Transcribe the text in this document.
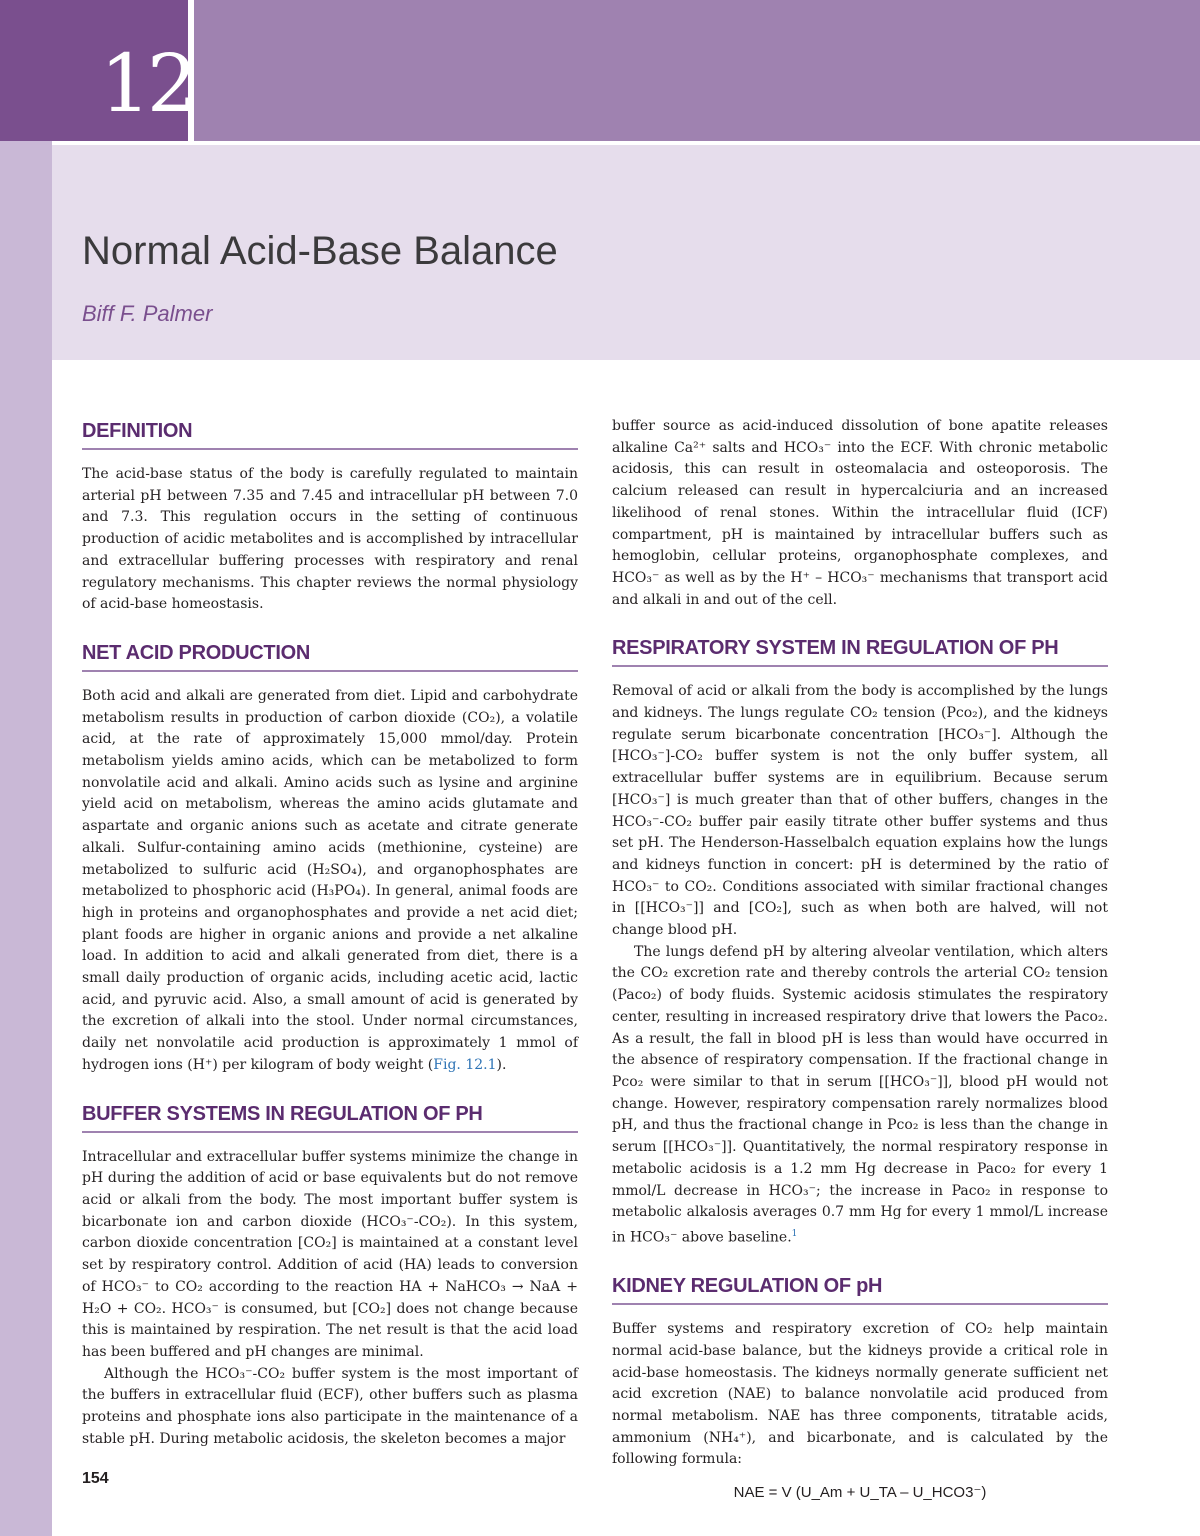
12
Normal Acid-Base Balance
Biff F. Palmer
DEFINITION

The acid-base status of the body is carefully regulated to maintain arterial pH between 7.35 and 7.45 and intracellular pH between 7.0 and 7.3. This regulation occurs in the setting of continuous production of acidic metabolites and is accomplished by intracellular and extracellular buffering processes with respiratory and renal regulatory mechanisms. This chapter reviews the normal physiology of acid-base homeostasis.

NET ACID PRODUCTION

Both acid and alkali are generated from diet. Lipid and carbohydrate metabolism results in production of carbon dioxide (CO₂), a volatile acid, at the rate of approximately 15,000 mmol/day. Protein metabolism yields amino acids, which can be metabolized to form nonvolatile acid and alkali. Amino acids such as lysine and arginine yield acid on metabolism, whereas the amino acids glutamate and aspartate and organic anions such as acetate and citrate generate alkali. Sulfur-containing amino acids (methionine, cysteine) are metabolized to sulfuric acid (H₂SO₄), and organophosphates are metabolized to phosphoric acid (H₃PO₄). In general, animal foods are high in proteins and organophosphates and provide a net acid diet; plant foods are higher in organic anions and provide a net alkaline load. In addition to acid and alkali generated from diet, there is a small daily production of organic acids, including acetic acid, lactic acid, and pyruvic acid. Also, a small amount of acid is generated by the excretion of alkali into the stool. Under normal circumstances, daily net nonvolatile acid production is approximately 1 mmol of hydrogen ions (H⁺) per kilogram of body weight (Fig. 12.1).

BUFFER SYSTEMS IN REGULATION OF PH

Intracellular and extracellular buffer systems minimize the change in pH during the addition of acid or base equivalents but do not remove acid or alkali from the body. The most important buffer system is bicarbonate ion and carbon dioxide (HCO₃⁻-CO₂). In this system, carbon dioxide concentration [CO₂] is maintained at a constant level set by respiratory control. Addition of acid (HA) leads to conversion of HCO₃⁻ to CO₂ according to the reaction HA + NaHCO₃ → NaA + H₂O + CO₂. HCO₃⁻ is consumed, but [CO₂] does not change because this is maintained by respiration. The net result is that the acid load has been buffered and pH changes are minimal.

Although the HCO₃⁻-CO₂ buffer system is the most important of the buffers in extracellular fluid (ECF), other buffers such as plasma proteins and phosphate ions also participate in the maintenance of a stable pH. During metabolic acidosis, the skeleton becomes a major

buffer source as acid-induced dissolution of bone apatite releases alkaline Ca²⁺ salts and HCO₃⁻ into the ECF. With chronic metabolic acidosis, this can result in osteomalacia and osteoporosis. The calcium released can result in hypercalciuria and an increased likelihood of renal stones. Within the intracellular fluid (ICF) compartment, pH is maintained by intracellular buffers such as hemoglobin, cellular proteins, organophosphate complexes, and HCO₃⁻ as well as by the H⁺ – HCO₃⁻ mechanisms that transport acid and alkali in and out of the cell.

RESPIRATORY SYSTEM IN REGULATION OF PH

Removal of acid or alkali from the body is accomplished by the lungs and kidneys. The lungs regulate CO₂ tension (Pco₂), and the kidneys regulate serum bicarbonate concentration [HCO₃⁻]. Although the [HCO₃⁻]-CO₂ buffer system is not the only buffer system, all extracellular buffer systems are in equilibrium. Because serum [HCO₃⁻] is much greater than that of other buffers, changes in the HCO₃⁻-CO₂ buffer pair easily titrate other buffer systems and thus set pH. The Henderson-Hasselbalch equation explains how the lungs and kidneys function in concert: pH is determined by the ratio of HCO₃⁻ to CO₂. Conditions associated with similar fractional changes in [[HCO₃⁻]] and [CO₂], such as when both are halved, will not change blood pH.

The lungs defend pH by altering alveolar ventilation, which alters the CO₂ excretion rate and thereby controls the arterial CO₂ tension (Paco₂) of body fluids. Systemic acidosis stimulates the respiratory center, resulting in increased respiratory drive that lowers the Paco₂. As a result, the fall in blood pH is less than would have occurred in the absence of respiratory compensation. If the fractional change in Pco₂ were similar to that in serum [[HCO₃⁻]], blood pH would not change. However, respiratory compensation rarely normalizes blood pH, and thus the fractional change in Pco₂ is less than the change in serum [[HCO₃⁻]]. Quantitatively, the normal respiratory response in metabolic acidosis is a 1.2 mm Hg decrease in Paco₂ for every 1 mmol/L decrease in HCO₃⁻; the increase in Paco₂ in response to metabolic alkalosis averages 0.7 mm Hg for every 1 mmol/L increase in HCO₃⁻ above baseline.$^1$

KIDNEY REGULATION OF pH

Buffer systems and respiratory excretion of CO₂ help maintain normal acid-base balance, but the kidneys provide a critical role in acid-base homeostasis. The kidneys normally generate sufficient net acid excretion (NAE) to balance nonvolatile acid produced from normal metabolism. NAE has three components, titratable acids, ammonium (NH₄⁺), and bicarbonate, and is calculated by the following formula:

NAE = V (U_Am + U_TA – U_HCO3⁻)
154
